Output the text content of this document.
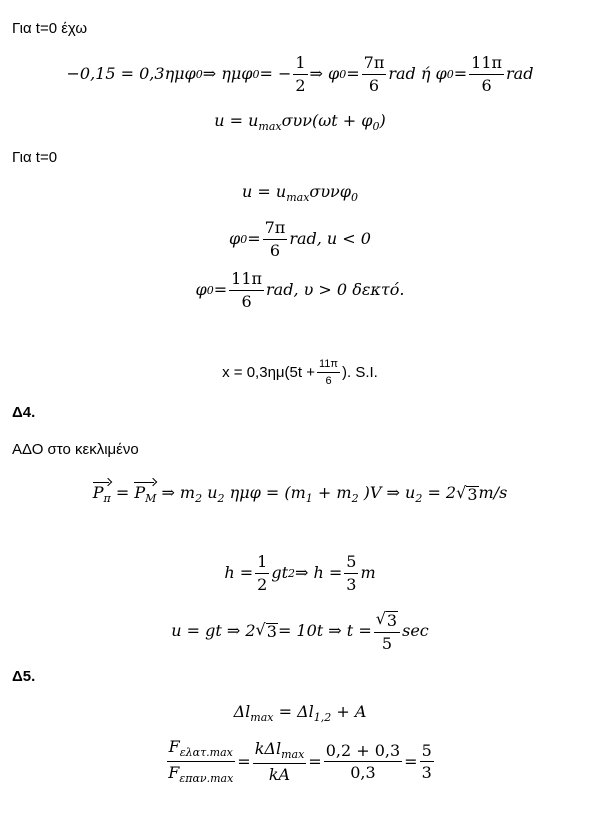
Για t=0 έχω
−0,15 = 0,3ημφ 0 ⇒ ημφ 0 = − $\frac{1}{2}$ ⇒ φ $0 = \frac{7\pi}{6}$ rad ή φ $0 = \frac{11\pi}{6}$ rad
$u = u_{max}\sigma\upsilon\nu(\omega t + \varphi_0)$
Για t=0
$u = u_{max}\sigma\upsilon\nu\varphi_0$
φ $0 = \frac{7\pi}{6}$ rad, u < 0
φ $0 = \frac{11\pi}{6}$ rad, υ > 0 δεκτό.
$x = 0,3\eta\mu(5t + \frac{11\pi}{6}$ ). S.I.
Δ4.
ΑΔΟ στο κεκλιμένο
$P_\pi = P_M$ ⇒ $m_2$ $u_2$ $\eta\mu\varphi = (m_1 + m_2$ )V ⇒ $u_2 = 2√$ 3 m/s
$h = \frac{1}{2}$ gt 2 ⇒ $h = \frac{5}{3}$ m
u = gt ⇒ 2 √ 3 = 10t ⇒ $t = \frac{√ 3}{5}$ sec
Δ5.
$\Delta l_{max} = \Delta l_{1,2} + A$
$\frac{F_{\varepsilon\lambda\alpha\tau.max}}{F_{\varepsilon\pi\alpha\nu.max}} = \frac{k\Delta l_{max}}{kA} = \frac{0,2 + 0,3}{0,3} = \frac{5}{3}$
